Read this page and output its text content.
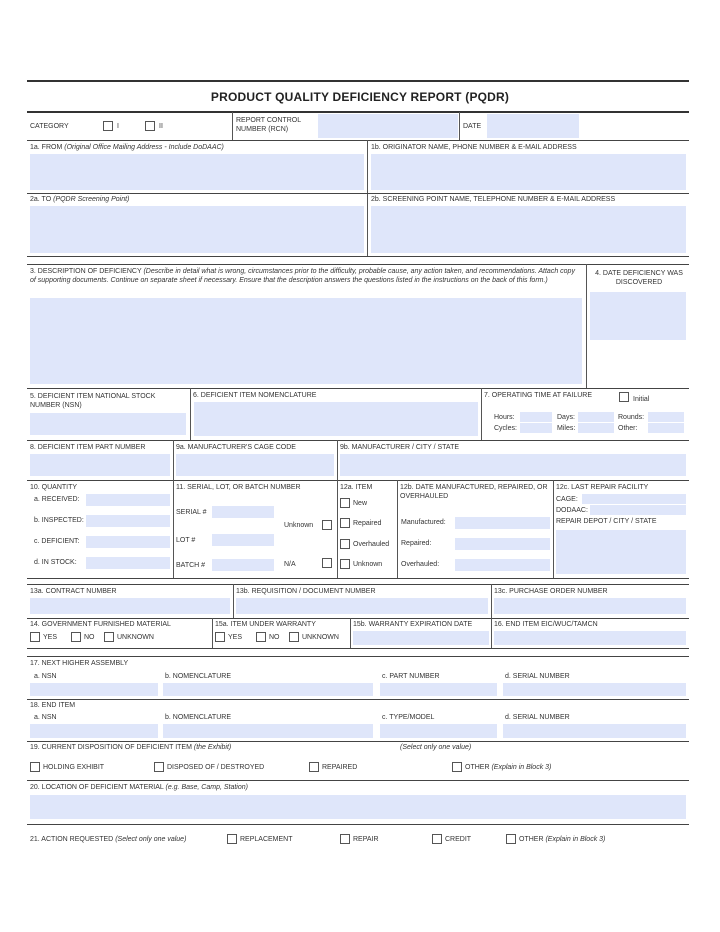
PRODUCT QUALITY DEFICIENCY REPORT (PQDR)
CATEGORY	I	II
REPORT CONTROL NUMBER (RCN)	DATE
1a. FROM (Original Office Mailing Address - Include DoDAAC)	1b. ORIGINATOR NAME, PHONE NUMBER & E-MAIL ADDRESS
2a. TO (PQDR Screening Point)	2b. SCREENING POINT NAME, TELEPHONE NUMBER & E-MAIL ADDRESS
3. DESCRIPTION OF DEFICIENCY (Describe in detail what is wrong, circumstances prior to the difficulty, probable cause, any action taken, and recommendations. Attach copy of supporting documents. Continue on separate sheet if necessary. Ensure that the description answers the questions listed in the instructions on the back of this form.)
4. DATE DEFICIENCY WAS DISCOVERED
5. DEFICIENT ITEM NATIONAL STOCK NUMBER (NSN)
6. DEFICIENT ITEM NOMENCLATURE	7. OPERATING TIME AT FAILURE
Initial
Hours:	Days:	Rounds:
Cycles:	Miles:	Other:
8. DEFICIENT ITEM PART NUMBER	9a. MANUFACTURER'S CAGE CODE	9b. MANUFACTURER / CITY / STATE
10. QUANTITY
a. RECEIVED:
b. INSPECTED:
c. DEFICIENT:
d. IN STOCK:
11. SERIAL, LOT, OR BATCH NUMBER
SERIAL #
Unknown
LOT #
BATCH #	N/A
12a. ITEM
New
Repaired
Overhauled
Unknown
12b. DATE MANUFACTURED, REPAIRED, OR OVERHAULED
Manufactured:
Repaired:
Overhauled:
12c. LAST REPAIR FACILITY
CAGE:
DODAAC:
REPAIR DEPOT / CITY / STATE
13a. CONTRACT NUMBER	13b. REQUISITION / DOCUMENT NUMBER	13c. PURCHASE ORDER NUMBER
14. GOVERNMENT FURNISHED MATERIAL
YES	NO	UNKNOWN
15a. ITEM UNDER WARRANTY
YES	NO	UNKNOWN
15b. WARRANTY EXPIRATION DATE	16. END ITEM EIC/WUC/TAMCN
17. NEXT HIGHER ASSEMBLY
a. NSN	b. NOMENCLATURE	c. PART NUMBER	d. SERIAL NUMBER
18. END ITEM
a. NSN	b. NOMENCLATURE	c. TYPE/MODEL	d. SERIAL NUMBER
19. CURRENT DISPOSITION OF DEFICIENT ITEM (the Exhibit)	(Select only one value)
HOLDING EXHIBIT	DISPOSED OF / DESTROYED	REPAIRED	OTHER (Explain in Block 3)
20. LOCATION OF DEFICIENT MATERIAL (e.g. Base, Camp, Station)
21. ACTION REQUESTED (Select only one value)	REPLACEMENT	REPAIR	CREDIT	OTHER (Explain in Block 3)
